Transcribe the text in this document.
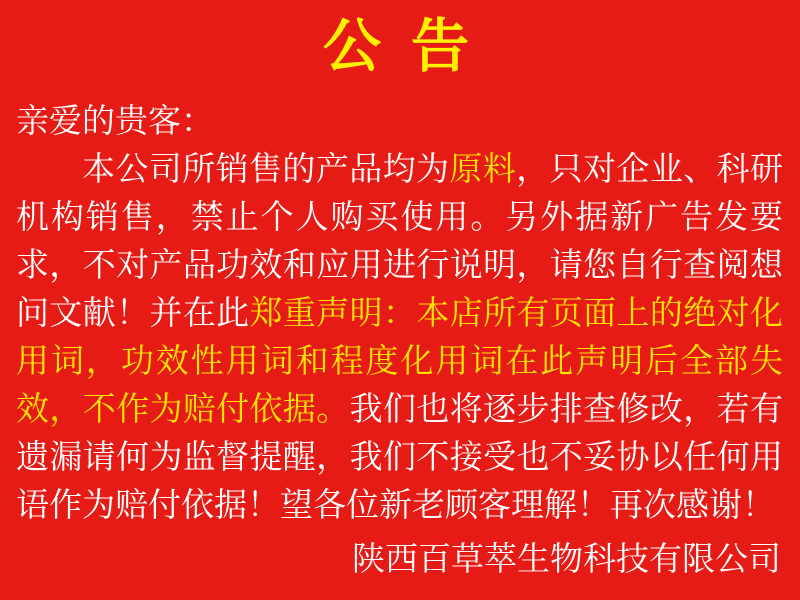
公 告

亲爱的贵客：

本公司所销售的产品均为原料，只对企业、科研机构销售，禁止个人购买使用。另外据新广告发要求，不对产品功效和应用进行说明，请您自行查阅想问文献！并在此郑重声明：本店所有页面上的绝对化用词，功效性用词和程度化用词在此声明后全部失效，不作为赔付依据。我们也将逐步排查修改，若有遗漏请何为监督提醒，我们不接受也不妥协以任何用语作为赔付依据！望各位新老顾客理解！再次感谢！

陕西百草萃生物科技有限公司
